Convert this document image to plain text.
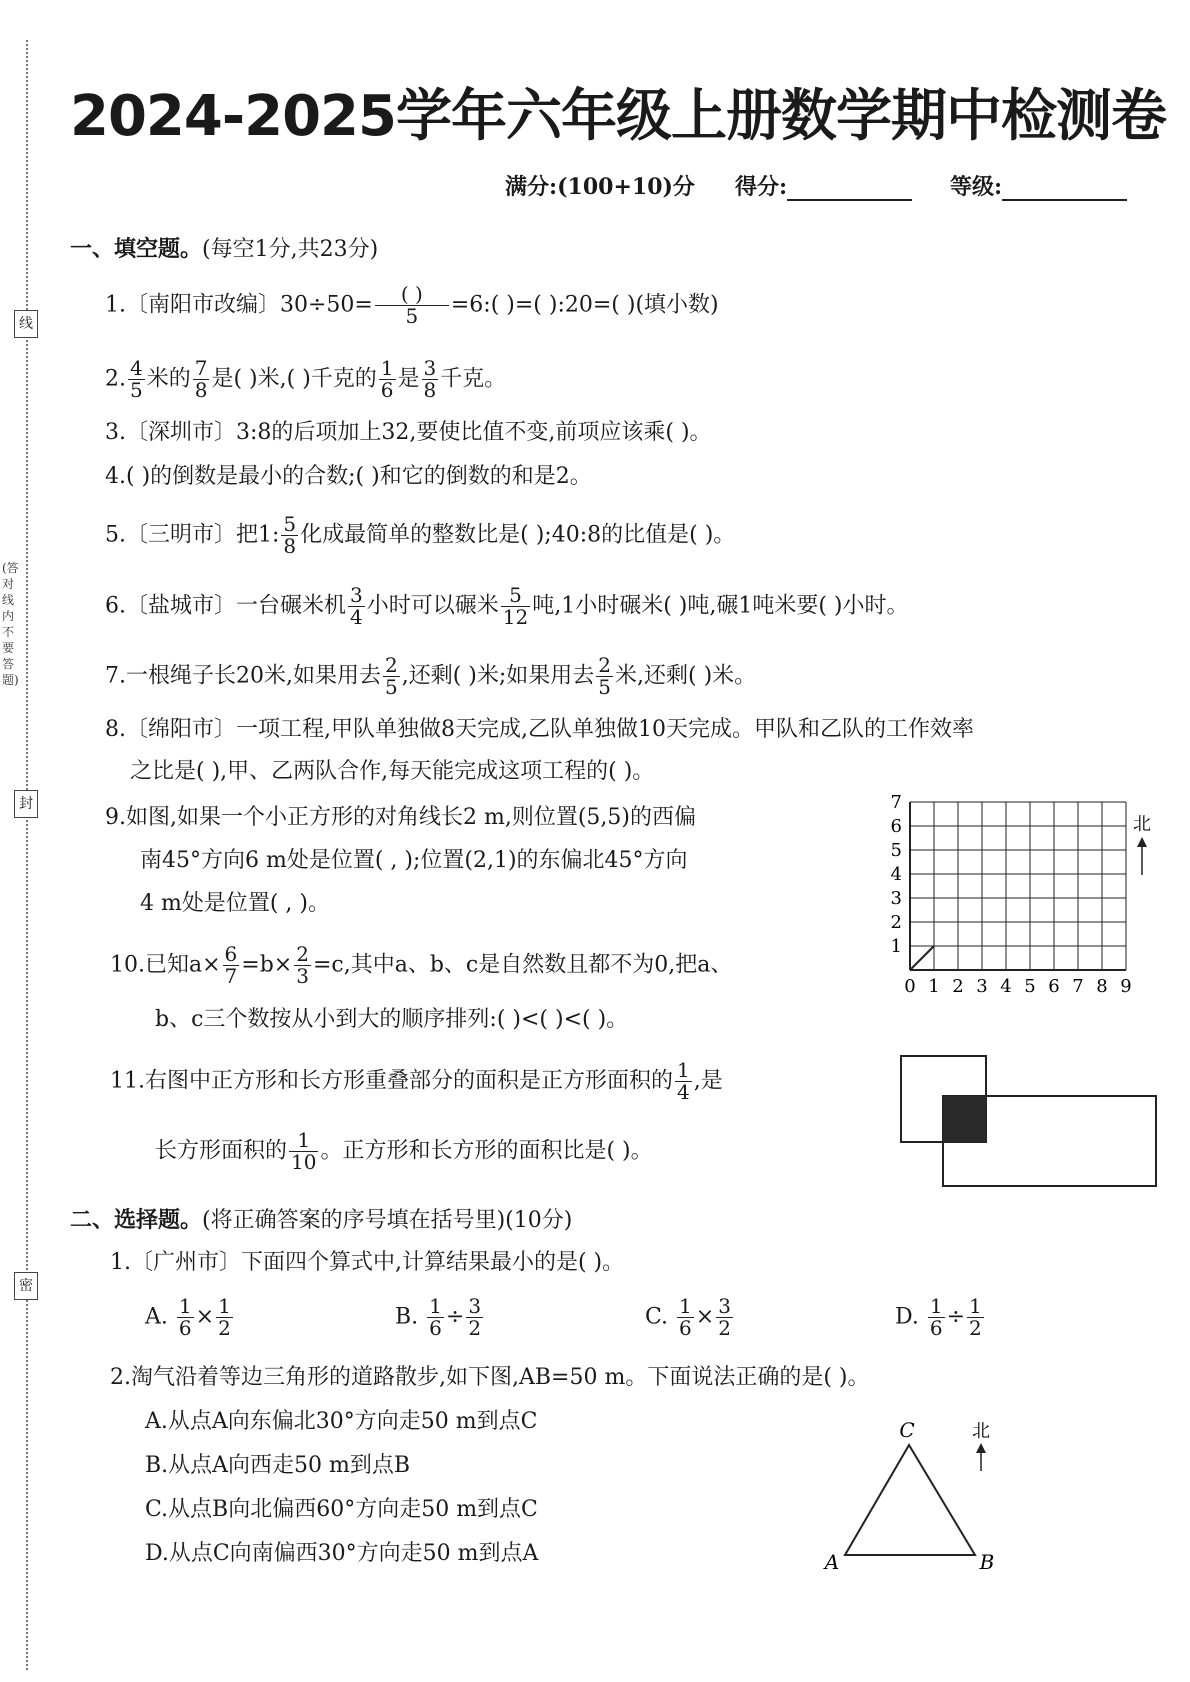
线
封
密
(答对线内不要答题)
2024-2025学年六年级上册数学期中检测卷
满分:(100+10)分 得分:	等级:
一、填空题。(每空1分,共23分)
1.〔南阳市改编〕$30\div 50= \frac{( )}{5}$ =6:( )=( ):20=( )(填小数)
2. $\frac{4}{5}$ 米的 $\frac{7}{8}$ 是( )米,( )千克的 $\frac{1}{6}$ 是 $\frac{3}{8}$ 千克。
3.〔深圳市〕3:8的后项加上32,要使比值不变,前项应该乘( )。
4.( )的倒数是最小的合数;( )和它的倒数的和是2。
5.〔三明市〕把1: $\frac{5}{8}$ 化成最简单的整数比是( );40:8的比值是( )。
6.〔盐城市〕一台碾米机 $\frac{3}{4}$ 小时可以碾米 $\frac{5}{12}$ 吨,1小时碾米( )吨,碾1吨米要( )小时。
7.一根绳子长20米,如果用去 $\frac{2}{5}$ ,还剩( )米;如果用去 $\frac{2}{5}$ 米,还剩( )米。
8.〔绵阳市〕一项工程,甲队单独做8天完成,乙队单独做10天完成。甲队和乙队的工作效率
之比是( ),甲、乙两队合作,每天能完成这项工程的( )。
9.如图,如果一个小正方形的对角线长2 m,则位置(5,5)的西偏
南45°方向6 m处是位置( , );位置(2,1)的东偏北45°方向
4 m处是位置( , )。
北
0 1 2 3 4 5 6 7 8 9
1
2
3
4
5
6
7
10.已知$a\times \frac{6}{7} =b\times \frac{2}{3} =c$,其中a、b、c是自然数且都不为0,把a、
b、c三个数按从小到大的顺序排列:( )<( )<( )。
11.右图中正方形和长方形重叠部分的面积是正方形面积的 $\frac{1}{4}$ ,是
长方形面积的 $\frac{1}{10}$ 。正方形和长方形的面积比是( )。
二、选择题。(将正确答案的序号填在括号里)(10分)
1.〔广州市〕下面四个算式中,计算结果最小的是( )。
A. $\frac{1}{6} \times \frac{1}{2}$	B. $\frac{1}{6} \div \frac{3}{2}$	C. $\frac{1}{6} \times \frac{3}{2}$	D. $\frac{1}{6} \div \frac{1}{2}$
2.淘气沿着等边三角形的道路散步,如下图,AB=50 m。下面说法正确的是( )。
A.从点A向东偏北30°方向走50 m到点C
B.从点A向西走50 m到点B
C.从点B向北偏西60°方向走50 m到点C
D.从点C向南偏西30°方向走50 m到点A
C
A	B
北
